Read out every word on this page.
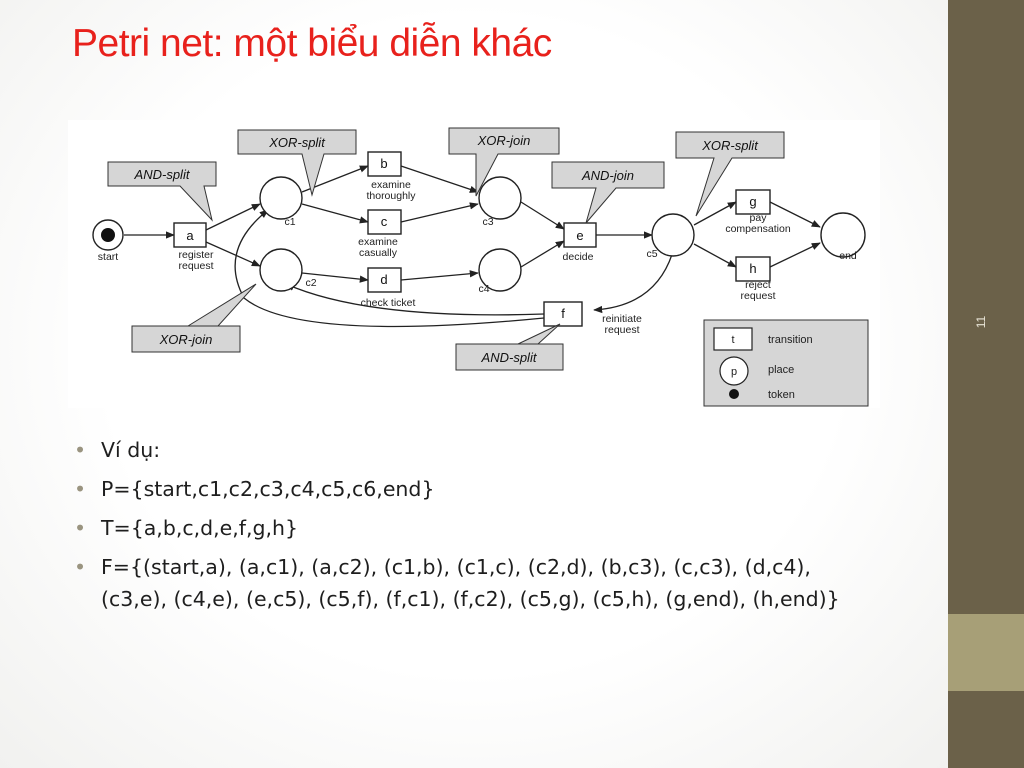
11
Petri net: một biểu diễn khác
a
b
c
d
e
f
g
h
start
c1
c2
c3
c4
c5	end
register request
examine thoroughly
examine casually
check ticket
decide
reinitiate request
pay compensation
reject request
AND-split
XOR-split	XOR-join
AND-join
XOR-split
XOR-join
AND-split
t
p
transition
place
token
• Ví dụ:
• P={start,c1,c2,c3,c4,c5,c6,end}
• T={a,b,c,d,e,f,g,h}
• F={(start,a), (a,c1), (a,c2), (c1,b), (c1,c), (c2,d), (b,c3), (c,c3), (d,c4), (c3,e), (c4,e), (e,c5), (c5,f), (f,c1), (f,c2), (c5,g), (c5,h), (g,end), (h,end)}
